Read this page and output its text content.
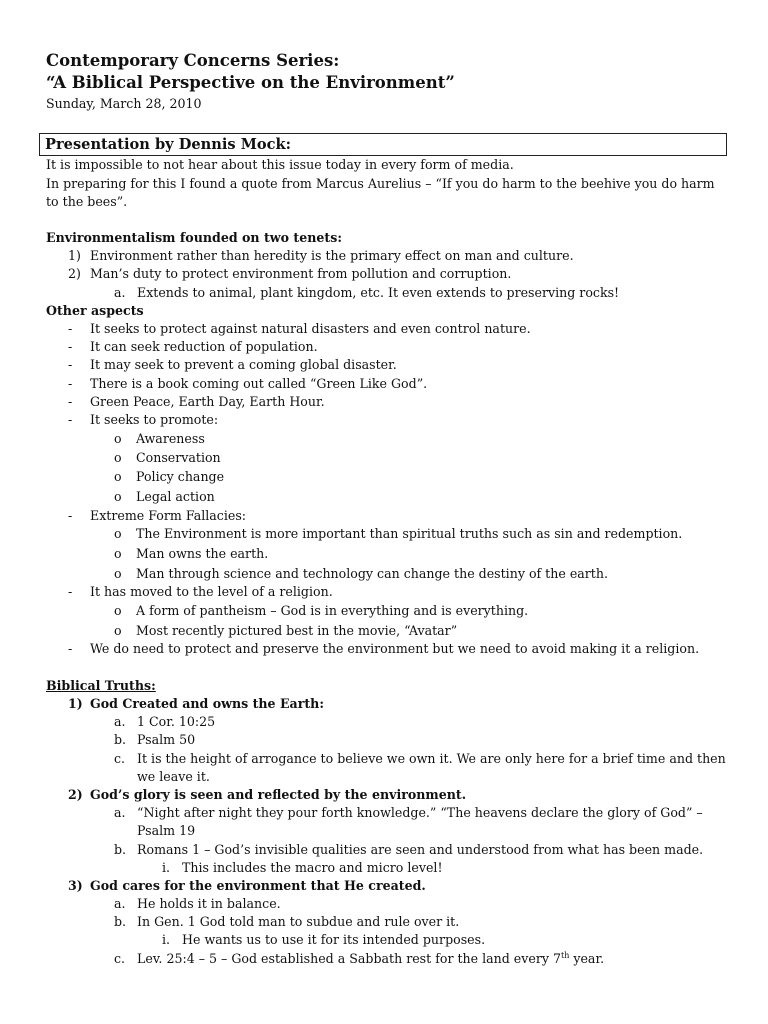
Contemporary Concerns Series:
“A Biblical Perspective on the Environment”
Sunday, March 28, 2010
Presentation by Dennis Mock:
It is impossible to not hear about this issue today in every form of media.
In preparing for this I found a quote from Marcus Aurelius – “If you do harm to the beehive you do harm
to the bees”.
Environmentalism founded on two tenets:
1) Environment rather than heredity is the primary effect on man and culture.
2) Man’s duty to protect environment from pollution and corruption.
a. Extends to animal, plant kingdom, etc. It even extends to preserving rocks!
Other aspects
- It seeks to protect against natural disasters and even control nature.
- It can seek reduction of population.
- It may seek to prevent a coming global disaster.
- There is a book coming out called “Green Like God”.
- Green Peace, Earth Day, Earth Hour.
- It seeks to promote:
o Awareness
o Conservation
o Policy change
o Legal action
- Extreme Form Fallacies:
o The Environment is more important than spiritual truths such as sin and redemption.
o Man owns the earth.
o Man through science and technology can change the destiny of the earth.
- It has moved to the level of a religion.
o A form of pantheism – God is in everything and is everything.
o Most recently pictured best in the movie, “Avatar”
- We do need to protect and preserve the environment but we need to avoid making it a religion.
Biblical Truths:
1) God Created and owns the Earth:
a. 1 Cor. 10:25
b. Psalm 50
c. It is the height of arrogance to believe we own it. We are only here for a brief time and then
we leave it.
2) God’s glory is seen and reflected by the environment.
a. “Night after night they pour forth knowledge.” “The heavens declare the glory of God” –
Psalm 19
b. Romans 1 – God’s invisible qualities are seen and understood from what has been made.
i. This includes the macro and micro level!
3) God cares for the environment that He created.
a. He holds it in balance.
b. In Gen. 1 God told man to subdue and rule over it.
i. He wants us to use it for its intended purposes.
c. Lev. 25:4 – 5 – God established a Sabbath rest for the land every 7th year.
